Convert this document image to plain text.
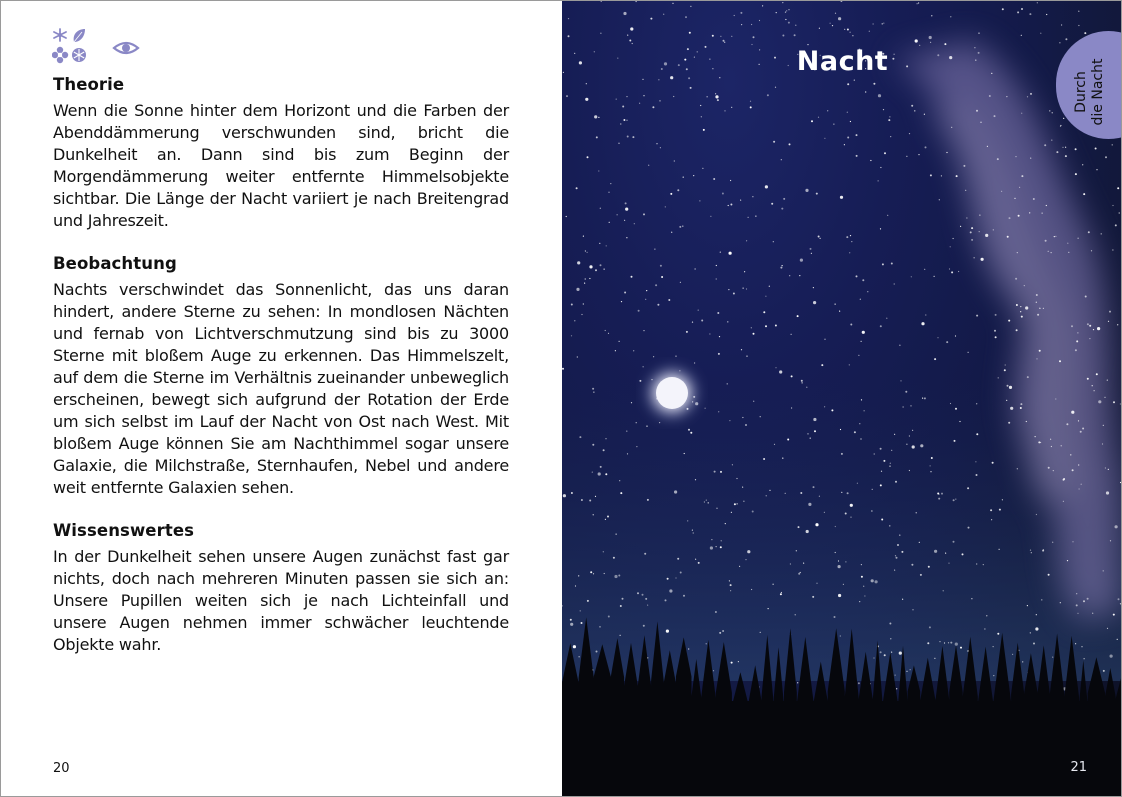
Theorie

Wenn die Sonne hinter dem Horizont und die Farben der Abenddämmerung verschwunden sind, bricht die Dunkelheit an. Dann sind bis zum Beginn der Morgendämmerung weiter entfernte Himmelsobjekte sichtbar. Die Länge der Nacht variiert je nach Breitengrad und Jahreszeit.

Beobachtung

Nachts verschwindet das Sonnenlicht, das uns daran hindert, andere Sterne zu sehen: In mondlosen Nächten und fernab von Lichtverschmutzung sind bis zu 3000 Sterne mit bloßem Auge zu erkennen. Das Himmelszelt, auf dem die Sterne im Verhältnis zueinander unbeweglich erscheinen, bewegt sich aufgrund der Rotation der Erde um sich selbst im Lauf der Nacht von Ost nach West. Mit bloßem Auge können Sie am Nachthimmel sogar unsere Galaxie, die Milchstraße, Sternhaufen, Nebel und andere weit entfernte Galaxien sehen.

Wissenswertes

In der Dunkelheit sehen unsere Augen zunächst fast gar nichts, doch nach mehreren Minuten passen sie sich an: Unsere Pupillen weiten sich je nach Lichteinfall und unsere Augen nehmen immer schwächer leuchtende Objekte wahr.

20
Nacht
Durch die Nacht
21
